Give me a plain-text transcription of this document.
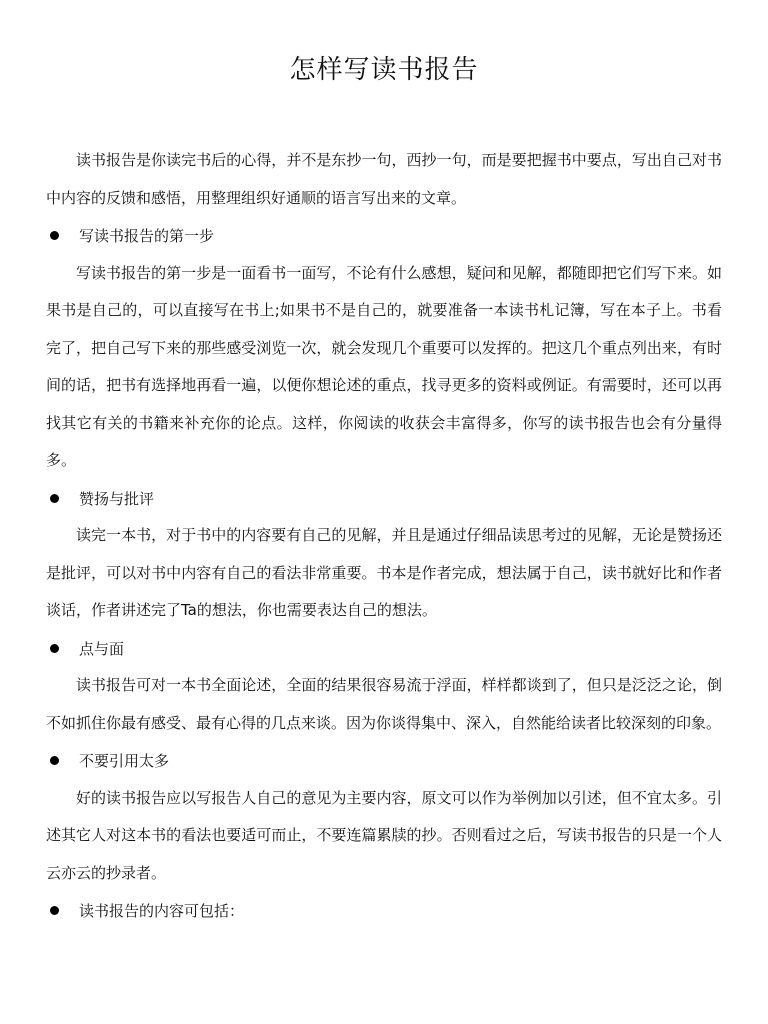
怎样写读书报告

读书报告是你读完书后的心得，并不是东抄一句，西抄一句，而是要把握书中要点，写出自己对书中内容的反馈和感悟，用整理组织好通顺的语言写出来的文章。

写读书报告的第一步

写读书报告的第一步是一面看书一面写，不论有什么感想，疑问和见解，都随即把它们写下来。如果书是自己的，可以直接写在书上;如果书不是自己的，就要准备一本读书札记簿，写在本子上。书看完了，把自己写下来的那些感受浏览一次，就会发现几个重要可以发挥的。把这几个重点列出来，有时间的话，把书有选择地再看一遍，以便你想论述的重点，找寻更多的资料或例证。有需要时，还可以再找其它有关的书籍来补充你的论点。这样，你阅读的收获会丰富得多，你写的读书报告也会有分量得多。

赞扬与批评

读完一本书，对于书中的内容要有自己的见解，并且是通过仔细品读思考过的见解，无论是赞扬还是批评，可以对书中内容有自己的看法非常重要。书本是作者完成，想法属于自己，读书就好比和作者谈话，作者讲述完了Ta的想法，你也需要表达自己的想法。

点与面

读书报告可对一本书全面论述，全面的结果很容易流于浮面，样样都谈到了，但只是泛泛之论，倒不如抓住你最有感受、最有心得的几点来谈。因为你谈得集中、深入，自然能给读者比较深刻的印象。

不要引用太多

好的读书报告应以写报告人自己的意见为主要内容，原文可以作为举例加以引述，但不宜太多。引述其它人对这本书的看法也要适可而止，不要连篇累牍的抄。否则看过之后，写读书报告的只是一个人云亦云的抄录者。

读书报告的内容可包括：
